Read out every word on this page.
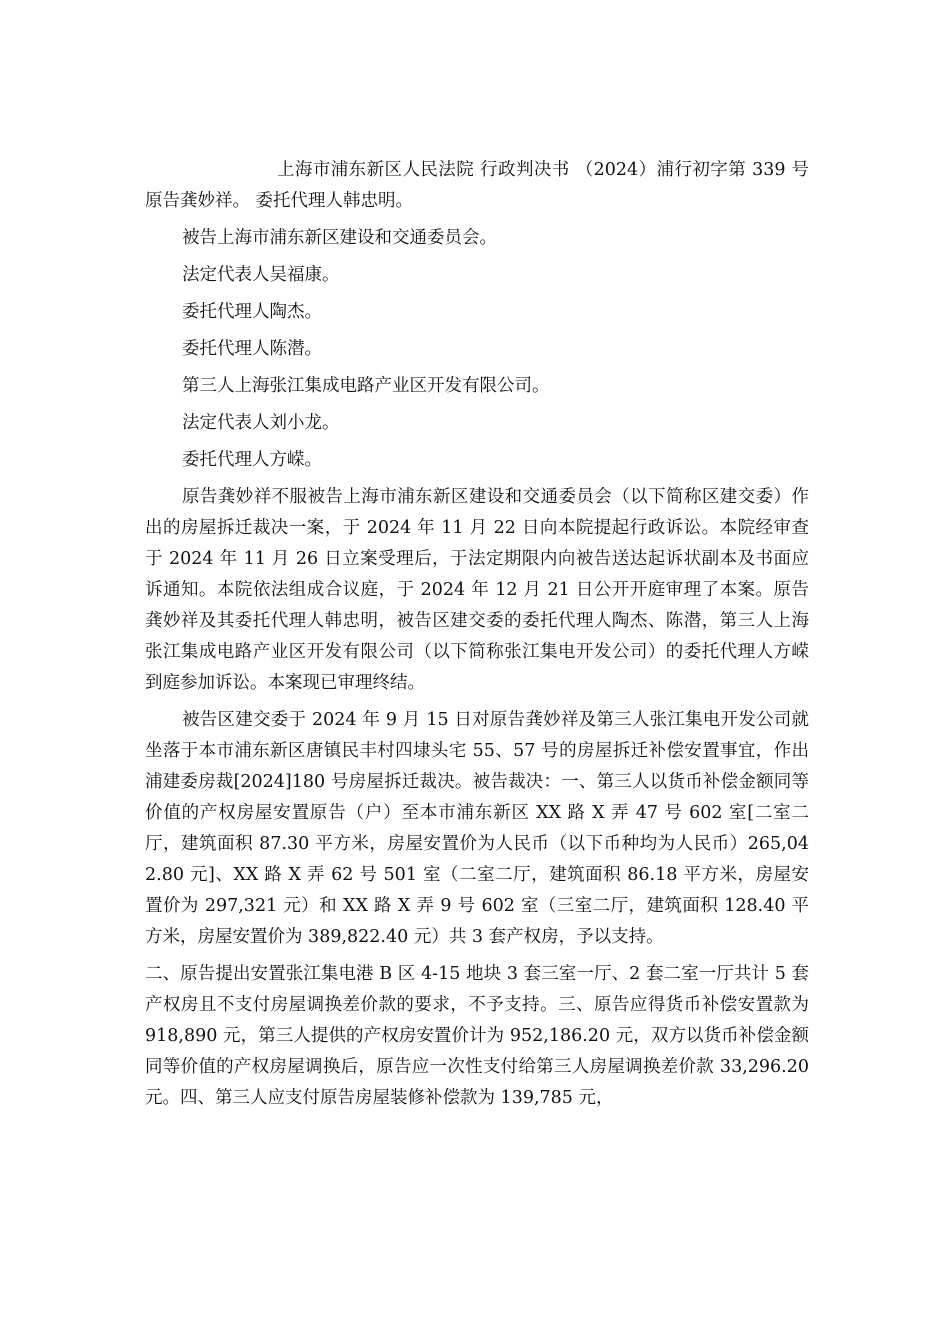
上海市浦东新区人民法院 行政判决书 （2024）浦行初字第 339 号 原告龚妙祥。 委托代理人韩忠明。

被告上海市浦东新区建设和交通委员会。

法定代表人吴福康。

委托代理人陶杰。

委托代理人陈潜。

第三人上海张江集成电路产业区开发有限公司。

法定代表人刘小龙。

委托代理人方嵘。

原告龚妙祥不服被告上海市浦东新区建设和交通委员会（以下简称区建交委）作出的房屋拆迁裁决一案，于 2024 年 11 月 22 日向本院提起行政诉讼。本院经审查于 2024 年 11 月 26 日立案受理后，于法定期限内向被告送达起诉状副本及书面应诉通知。本院依法组成合议庭，于 2024 年 12 月 21 日公开开庭审理了本案。原告龚妙祥及其委托代理人韩忠明，被告区建交委的委托代理人陶杰、陈潜，第三人上海张江集成电路产业区开发有限公司（以下简称张江集电开发公司）的委托代理人方嵘到庭参加诉讼。本案现已审理终结。

被告区建交委于 2024 年 9 月 15 日对原告龚妙祥及第三人张江集电开发公司就坐落于本市浦东新区唐镇民丰村四埭头宅 55、57 号的房屋拆迁补偿安置事宜，作出浦建委房裁[2024]180 号房屋拆迁裁决。被告裁决：一、第三人以货币补偿金额同等价值的产权房屋安置原告（户）至本市浦东新区 XX 路 X 弄 47 号 602 室[二室二厅，建筑面积 87.30 平方米，房屋安置价为人民币（以下币种均为人民币）265,042.80 元]、XX 路 X 弄 62 号 501 室（二室二厅，建筑面积 86.18 平方米，房屋安置价为 297,321 元）和 XX 路 X 弄 9 号 602 室（三室二厅，建筑面积 128.40 平方米，房屋安置价为 389,822.40 元）共 3 套产权房，予以支持。

二、原告提出安置张江集电港 B 区 4-15 地块 3 套三室一厅、2 套二室一厅共计 5 套产权房且不支付房屋调换差价款的要求，不予支持。三、原告应得货币补偿安置款为 918,890 元，第三人提供的产权房安置价计为 952,186.20 元，双方以货币补偿金额同等价值的产权房屋调换后，原告应一次性支付给第三人房屋调换差价款 33,296.20 元。四、第三人应支付原告房屋装修补偿款为 139,785 元，
